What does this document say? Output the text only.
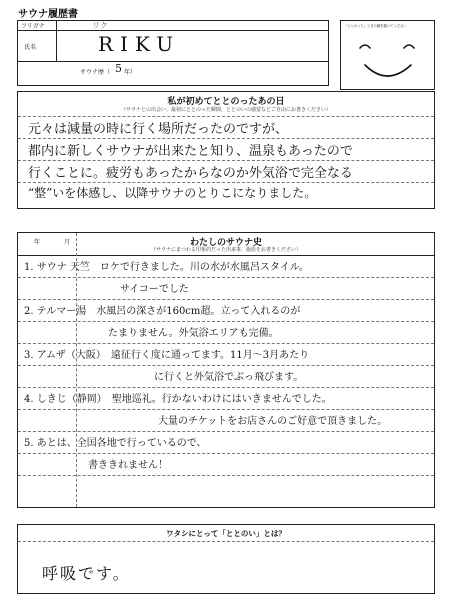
サウナ履歴書
フリガナ	リク
氏名	RIKU
サウナ歴（ 5 年）
「ととのった」ときの顔を描いてください
私が初めてととのったあの日
（サウナとの出会い、最初にととのった瞬間、ととのいの感覚などご自由にお書きください）
元々は減量の時に行く場所だったのですが、
都内に新しくサウナが出来たと知り、温泉もあったので
行くことに。疲労もあったからなのか外気浴で完全なる
“整”いを体感し、以降サウナのとりこになりました。
年	月	わたしのサウナ史
（サウナにまつわる印象的だった出来事、施設をお書きください）
1. サウナ 天竺　ロケで行きました。川の水が水風呂スタイル。
サイコーでした
2. テルマー湯　水風呂の深さが160cm超。立って入れるのが
たまりません。外気浴エリアも完備。
3. アムザ（大阪）　遠征行く度に通ってます。11月〜3月あたり
に行くと外気浴でぶっ飛びます。
4. しきじ（静岡）　聖地巡礼。行かないわけにはいきませんでした。
大量のチケットをお店さんのご好意で頂きました。
5. あとは、全国各地で行っているので、
書ききれません！
ワタシにとって「ととのい」とは？
呼吸です。
